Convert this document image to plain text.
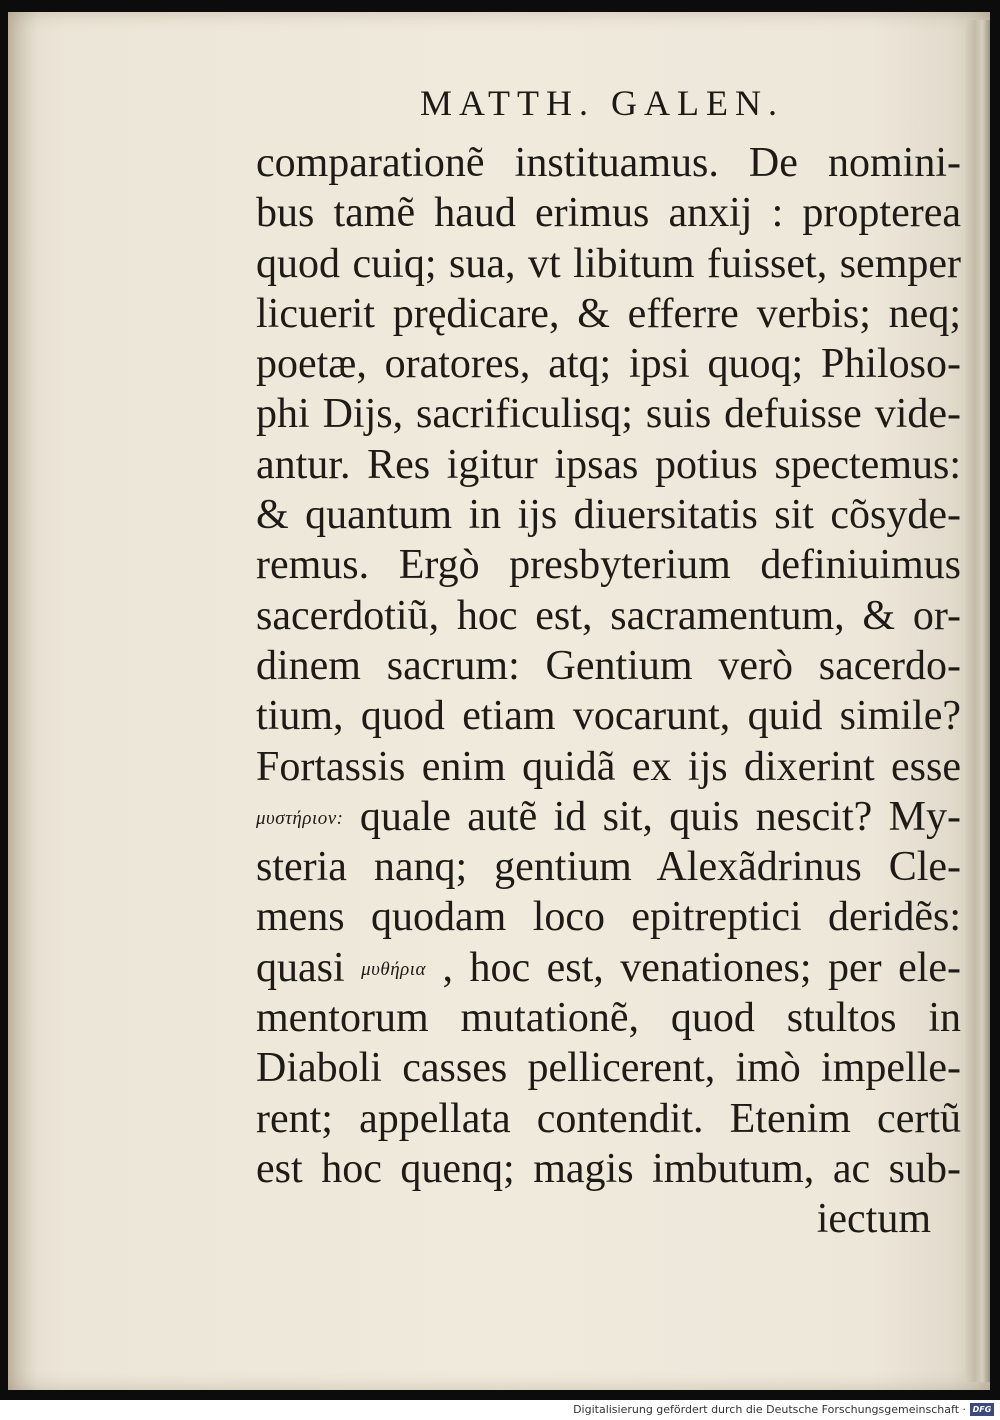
MATTH. GALEN.
comparationẽ instituamus. De nomini-
bus tamẽ haud erimus anxij : propterea
quod cuiq; sua, vt libitum fuisset, semper
licuerit prędicare, & efferre verbis; neq;
poetæ, oratores, atq; ipsi quoq; Philoso-
phi Dijs, sacrificulisq; suis defuisse vide-
antur. Res igitur ipsas potius spectemus:
& quantum in ijs diuersitatis sit cõsyde-
remus. Ergò presbyterium definiuimus
sacerdotiũ, hoc est, sacramentum, & or-
dinem sacrum: Gentium verò sacerdo-
tium, quod etiam vocarunt, quid simile?
Fortassis enim quidã ex ijs dixerint esse
μυστήριον: quale autẽ id sit, quis nescit? My-
steria nanq; gentium Alexãdrinus Cle-
mens quodam loco epitreptici deridẽs:
quasi μυθήρια , hoc est, venationes; per ele-
mentorum mutationẽ, quod stultos in
Diaboli casses pellicerent, imò impelle-
rent; appellata contendit. Etenim certũ
est hoc quenq; magis imbutum, ac sub-
iectum
Digitalisierung gefördert durch die Deutsche Forschungsgemeinschaft · DFG
